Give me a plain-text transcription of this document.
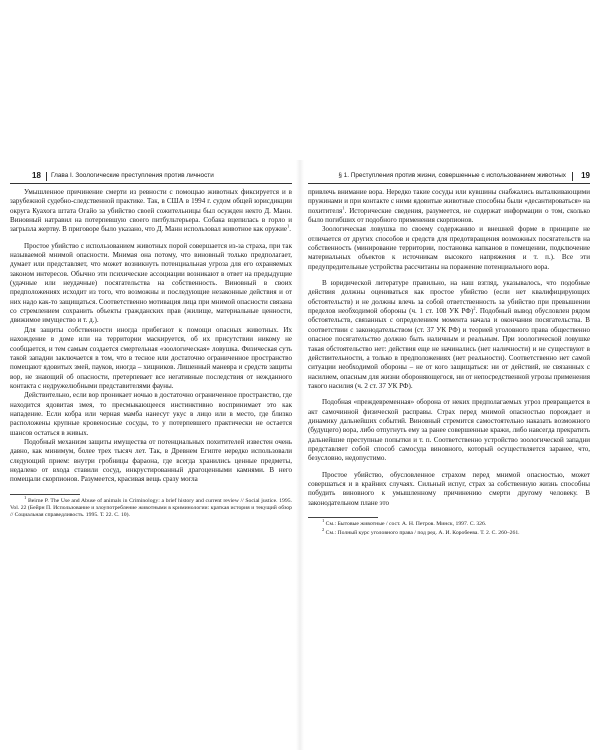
18 Глава I. Зоологические преступления против личности

Умышленное причинение смерти из ревности с помощью животных фиксируется и в зарубежной судебно-следственной практике. Так, в США в 1994 г. судом общей юрисдикции округа Куахога штата Огайо за убийство своей сожительницы был осужден некто Д. Манн. Виновный натравил на потерпевшую своего питбультерьера. Собака вцепилась в горло и загрызла жертву. В приговоре было указано, что Д. Манн использовал животное как оружие$^1$.

Простое убийство с использованием животных порой совершается из-за страха, при так называемой мнимой опасности. Мнимая она потому, что виновный только предполагает, думает или представляет, что может возникнуть потенциальная угроза для его охраняемых законом интересов. Обычно эти психические ассоциации возникают в ответ на предыдущие (удачные или неудачные) посягательства на собственность. Виновный в своих предположениях исходит из того, что возможны и последующие незаконные действия и от них надо как-то защищаться. Соответственно мотивация лица при мнимой опасности связана со стремлением сохранить объекты гражданских прав (жилище, материальные ценности, движимое имущество и т. д.).

Для защиты собственности иногда прибегают к помощи опасных животных. Их нахождение в доме или на территории маскируется, об их присутствии никому не сообщается, и тем самым создается смертельная «зоологическая» ловушка. Физическая суть такой западни заключается в том, что в тесное или достаточно ограниченное пространство помещают ядовитых змей, пауков, иногда – хищников. Лишенный маневра и средств защиты вор, не знающий об опасности, претерпевает все негативные последствия от нежданного контакта с недружелюбными представителями фауны.

Действительно, если вор проникает ночью в достаточно ограниченное пространство, где находится ядовитая змея, то пресмыкающееся инстинктивно воспринимает это как нападение. Если кобра или черная мамба нанесут укус в лицо или в место, где близко расположены крупные кровеносные сосуды, то у потерпевшего практически не остается шансов остаться в живых.

Подобный механизм защиты имущества от потенциальных похитителей известен очень давно, как минимум, более трех тысяч лет. Так, в Древнем Египте нередко использовали следующий прием: внутри гробницы фараона, где всегда хранились ценные предметы, недалеко от входа ставили сосуд, инкрустированный драгоценными камнями. В него помещали скорпионов. Разумеется, красивая вещь сразу могла

$^1$ Beirne P. The Use and Abuse of animals in Criminology: a brief history and current review // Social justice. 1995. Vol. 22 (Бейрн П. Использование и злоупотребление животными в криминологии: краткая история и текущий обзор // Социальная справедливость. 1995. Т. 22. С. 10).

§ 1. Преступления против жизни, совершенные с использованием животных 19

привлечь внимание вора. Нередко такие сосуды или кувшины снабжались выталкивающими пружинами и при контакте с ними ядовитые животные способны были «десантироваться» на похитителя$^1$. Исторические сведения, разумеется, не содержат информации о том, сколько было погибших от подобного применения скорпионов.

Зоологическая ловушка по своему содержанию и внешней форме в принципе не отличается от других способов и средств для предотвращения возможных посягательств на собственность (минирование территории, постановка капканов в помещении, подключение материальных объектов к источникам высокого напряжения и т. п.). Все эти предупредительные устройства рассчитаны на поражение потенциального вора.

В юридической литературе правильно, на наш взгляд, указывалось, что подобные действия должны оцениваться как простое убийство (если нет квалифицирующих обстоятельств) и не должны влечь за собой ответственность за убийство при превышении пределов необходимой обороны (ч. 1 ст. 108 УК РФ)$^2$. Подобный вывод обусловлен рядом обстоятельств, связанных с определением момента начала и окончания посягательства. В соответствии с законодательством (ст. 37 УК РФ) и теорией уголовного права общественно опасное посягательство должно быть наличным и реальным. При зоологической ловушке такая обстоятельство нет: действия еще не начинались (нет наличности) и не существуют в действительности, а только в предположениях (нет реальности). Соответственно нет самой ситуации необходимой обороны – не от кого защищаться: ни от действий, не связанных с насилием, опасным для жизни обороняющегося, ни от непосредственной угрозы применения такого насилия (ч. 2 ст. 37 УК РФ).

Подобная «преждевременная» оборона от неких предполагаемых угроз превращается в акт самочинной физической расправы. Страх перед мнимой опасностью порождает и динамику дальнейших событий. Виновный стремится самостоятельно наказать возможного (будущего) вора, либо отпугнуть ему за ранее совершенные кражи, либо навсегда прекратить дальнейшие преступные попытки и т. п. Соответственно устройство зоологической западни представляет собой способ самосуда виновного, который осуществляется заранее, что, безусловно, недопустимо.

Простое убийство, обусловленное страхом перед мнимой опасностью, может совершаться и в крайних случаях. Сильный испуг, страх за собственную жизнь способны побудить виновного к умышленному причинению смерти другому человеку. В законодательном плане это

$^1$ См.: Бытовые животные / сост. А. Н. Петров. Минск, 1997. С. 326.

$^2$ См.: Полный курс уголовного права / под ред. А. И. Коробеева. Т. 2. С. 260–261.
